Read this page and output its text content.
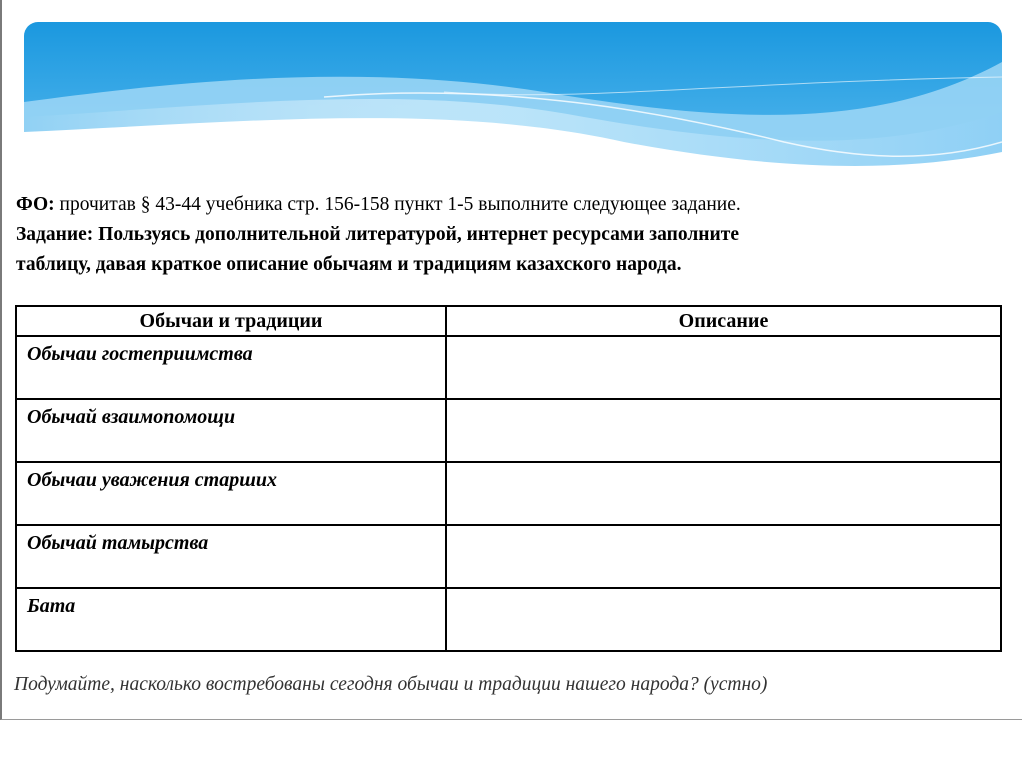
ФО: прочитав § 43-44 учебника стр. 156-158 пункт 1-5 выполните следующее задание.

Задание: Пользуясь дополнительной литературой, интернет ресурсами заполните

таблицу, давая краткое описание обычаям и традициям казахского народа.

Обычаи и традиции	Описание
Обычаи гостеприимства	
Обычай взаимопомощи	
Обычаи уважения старших	
Обычай тамырства	
Бата	
Подумайте, насколько востребованы сегодня обычаи и традиции нашего народа? (устно)
